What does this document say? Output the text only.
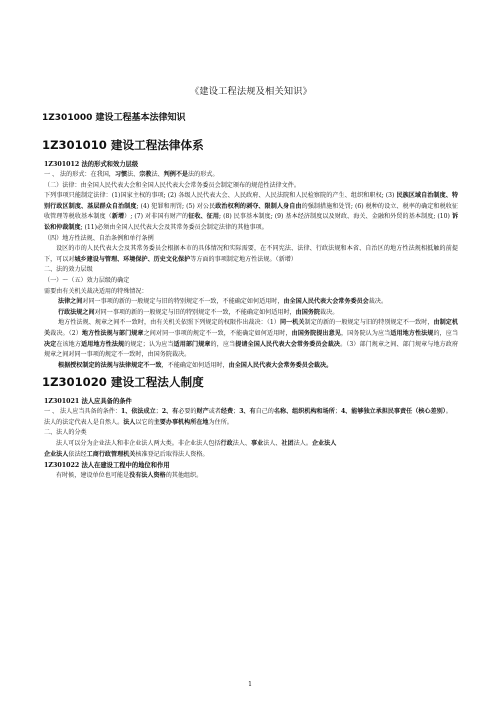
《建设工程法规及相关知识》

1Z301000 建设工程基本法律知识

1Z301010 建设工程法律体系

1Z301012 法的形式和效力层级

一 、 法的形式：在我国，习惯法、宗教法、判例不是法的形式。

（二）法律：由全国人民代表大会和全国人民代表大会常务委员会制定颁布的规范性法律文件。

下列事项只能制定法律：(1)国家主权的事项; (2) 各级人民代表大会、人民政府、人民法院和人民检察院的产生、组织和职权; (3) 民族区域自治制度、特别行政区制度、基层群众自治制度; (4) 犯罪和刑罚; (5) 对公民政治权利的剥夺、限制人身自由的强制措施和处罚; (6) 税种的设立、税率的确定和税收征收管理等税收基本制度（新增）; (7) 对非国有财产的征收、征用; (8) 民事基本制度; (9) 基本经济制度以及财政、海关、金融和外贸的基本制度; (10) 诉讼和仲裁制度; (11)必须由全国人民代表大会及其常务委员会制定法律的其他事项。

（四）地方性法规、自治条例和单行条例

设区的市的人民代表大会及其常务委员会根据本市的具体情况和实际需要，在不同宪法、法律、行政法规和本省、自治区的地方性法规相抵触的前提下，可以对城乡建设与管理、环境保护、历史文化保护等方面的事项制定地方性法规。（新增）

二、法的效力层级

（一）～（五）效力层级的确定

需要由有关机关裁决适用的特殊情况：

法律之间对同一事项的新的一般规定与旧的特别规定不一致，不能确定如何适用时，由全国人民代表大会常务委员会裁决。

行政法规之间对同一事项的新的一般规定与旧的特别规定不一致，不能确定如何适用时，由国务院裁决。

地方性法规、规章之间不一致时，由有关机关依照下列规定的权限作出裁决：（1）同一机关制定的新的一般规定与旧的特别规定不一致时，由制定机关裁决。（2）地方性法规与部门规章之间对同一事项的规定不一致，不能确定如何适用时，由国务院提出意见，国务院认为应当适用地方性法规的，应当决定在该地方适用地方性法规的规定；认为应当适用部门规章的，应当提请全国人民代表大会常务委员会裁决。（3）部门规章之间、部门规章与地方政府规章之间对同一事项的规定不一致时，由国务院裁决。

根据授权制定的法规与法律规定不一致，不能确定如何适用时，由全国人民代表大会常务委员会裁决。

1Z301020 建设工程法人制度

1Z301021 法人应具备的条件

一 、 法人应当具备的条件：1、依法成立；2、有必要的财产或者经费；3、有自己的名称、组织机构和场所；4、能够独立承担民事责任（核心差别）。

法人的法定代表人是自然人。法人以它的主要办事机构所在地为住所。

二、法人的分类

法人可以分为企业法人和非企业法人两大类。非企业法人包括行政法人、事业法人、社团法人。企业法人
企业法人依法经工商行政管理机关核准登记后取得法人资格。

1Z301022 法人在建设工程中的地位和作用

有时候，建设单位也可能是没有法人资格的其他组织。

1
